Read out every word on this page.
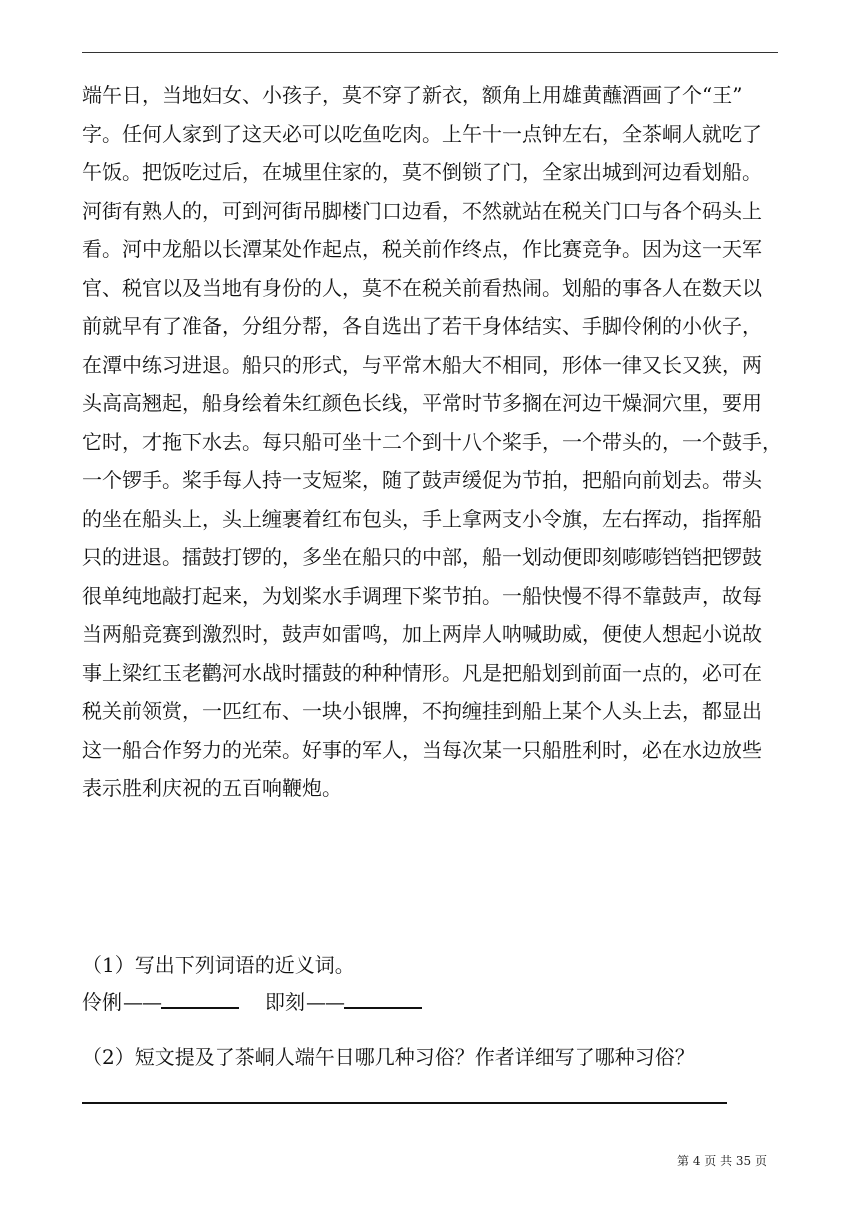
端午日，当地妇女、小孩子，莫不穿了新衣，额角上用雄黄蘸酒画了个“王”
字。任何人家到了这天必可以吃鱼吃肉。上午十一点钟左右，全茶峒人就吃了
午饭。把饭吃过后，在城里住家的，莫不倒锁了门，全家出城到河边看划船。
河街有熟人的，可到河街吊脚楼门口边看，不然就站在税关门口与各个码头上
看。河中龙船以长潭某处作起点，税关前作终点，作比赛竞争。因为这一天军
官、税官以及当地有身份的人，莫不在税关前看热闹。划船的事各人在数天以
前就早有了准备，分组分帮，各自选出了若干身体结实、手脚伶俐的小伙子，
在潭中练习进退。船只的形式，与平常木船大不相同，形体一律又长又狭，两
头高高翘起，船身绘着朱红颜色长线，平常时节多搁在河边干燥洞穴里，要用
它时，才拖下水去。每只船可坐十二个到十八个桨手，一个带头的，一个鼓手，
一个锣手。桨手每人持一支短桨，随了鼓声缓促为节拍，把船向前划去。带头
的坐在船头上，头上缠裹着红布包头，手上拿两支小令旗，左右挥动，指挥船
只的进退。擂鼓打锣的，多坐在船只的中部，船一划动便即刻嘭嘭铛铛把锣鼓
很单纯地敲打起来，为划桨水手调理下桨节拍。一船快慢不得不靠鼓声，故每
当两船竞赛到激烈时，鼓声如雷鸣，加上两岸人呐喊助威，便使人想起小说故
事上梁红玉老鹳河水战时擂鼓的种种情形。凡是把船划到前面一点的，必可在
税关前领赏，一匹红布、一块小银牌，不拘缠挂到船上某个人头上去，都显出
这一船合作努力的光荣。好事的军人，当每次某一只船胜利时，必在水边放些
表示胜利庆祝的五百响鞭炮。

（1）写出下列词语的近义词。

伶俐 ——	即刻 ——

（2）短文提及了茶峒人端午日哪几种习俗？作者详细写了哪种习俗？

第 4 页 共 35 页
